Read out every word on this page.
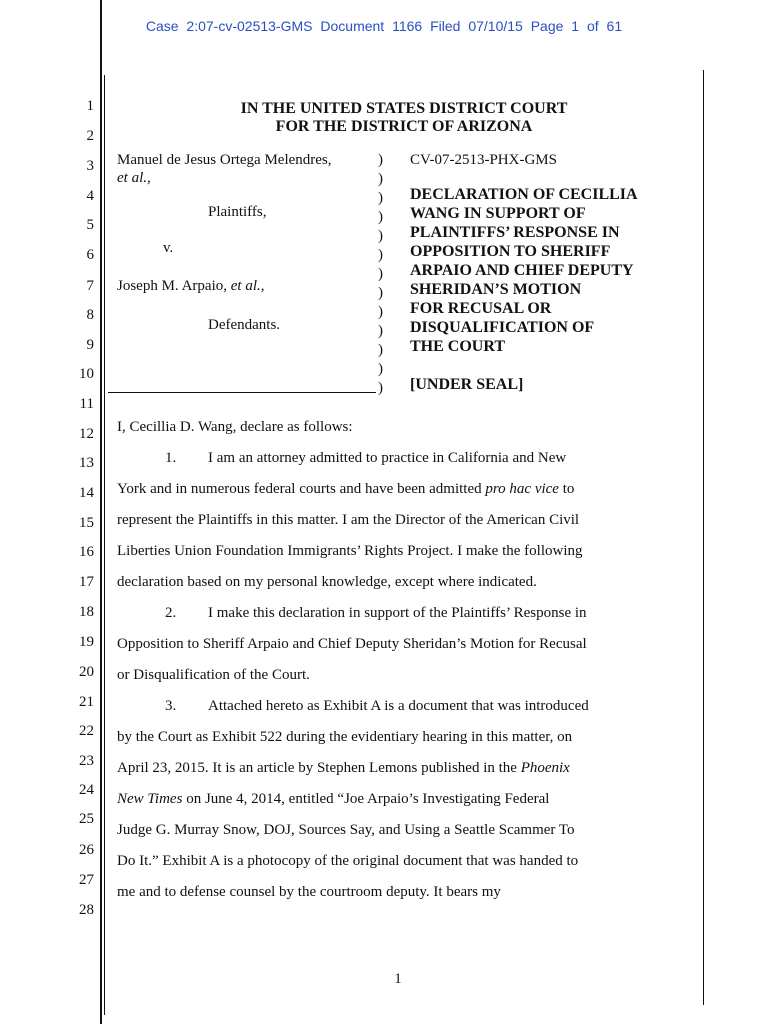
Case 2:07-cv-02513-GMS Document 1166 Filed 07/10/15 Page 1 of 61
1
2
3
4
5
6
7
8
9
10
11
12
13
14
15
16
17
18
19
20
21
22
23
24
25
26
27
28
IN THE UNITED STATES DISTRICT COURT
FOR THE DISTRICT OF ARIZONA
Manuel de Jesus Ortega Melendres,
et al.,
Plaintiffs,
v.
Joseph M. Arpaio, et al.,
Defendants.
)
)
)
)
)
)
)
)
)
)
)
)
)
CV-07-2513-PHX-GMS
DECLARATION OF CECILLIA
WANG IN SUPPORT OF
PLAINTIFFS’ RESPONSE IN
OPPOSITION TO SHERIFF
ARPAIO AND CHIEF DEPUTY
SHERIDAN’S MOTION
FOR RECUSAL OR
DISQUALIFICATION OF
THE COURT
[UNDER SEAL]
I, Cecillia D. Wang, declare as follows:
1. I am an attorney admitted to practice in California and New
York and in numerous federal courts and have been admitted pro hac vice to
represent the Plaintiffs in this matter. I am the Director of the American Civil
Liberties Union Foundation Immigrants’ Rights Project. I make the following
declaration based on my personal knowledge, except where indicated.
2. I make this declaration in support of the Plaintiffs’ Response in
Opposition to Sheriff Arpaio and Chief Deputy Sheridan’s Motion for Recusal
or Disqualification of the Court.
3. Attached hereto as Exhibit A is a document that was introduced
by the Court as Exhibit 522 during the evidentiary hearing in this matter, on
April 23, 2015. It is an article by Stephen Lemons published in the Phoenix
New Times on June 4, 2014, entitled “Joe Arpaio’s Investigating Federal
Judge G. Murray Snow, DOJ, Sources Say, and Using a Seattle Scammer To
Do It.” Exhibit A is a photocopy of the original document that was handed to
me and to defense counsel by the courtroom deputy. It bears my
1
